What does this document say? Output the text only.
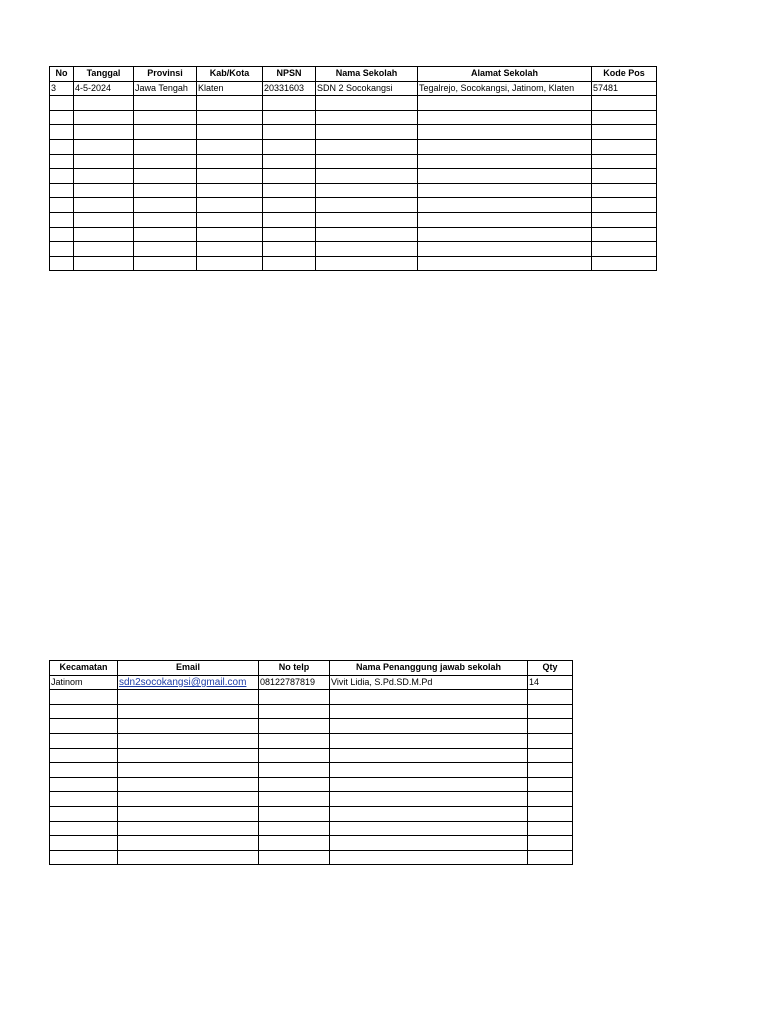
No	Tanggal	Provinsi	Kab/Kota	NPSN	Nama Sekolah	Alamat Sekolah	Kode Pos
3	4-5-2024	Jawa Tengah	Klaten	20331603	SDN 2 Socokangsi	Tegalrejo, Socokangsi, Jatinom, Klaten	57481

Kecamatan	Email	No telp	Nama Penanggung jawab sekolah	Qty
Jatinom	sdn2socokangsi@gmail.com	08122787819	Vivit Lidia, S.Pd.SD.M.Pd	14
